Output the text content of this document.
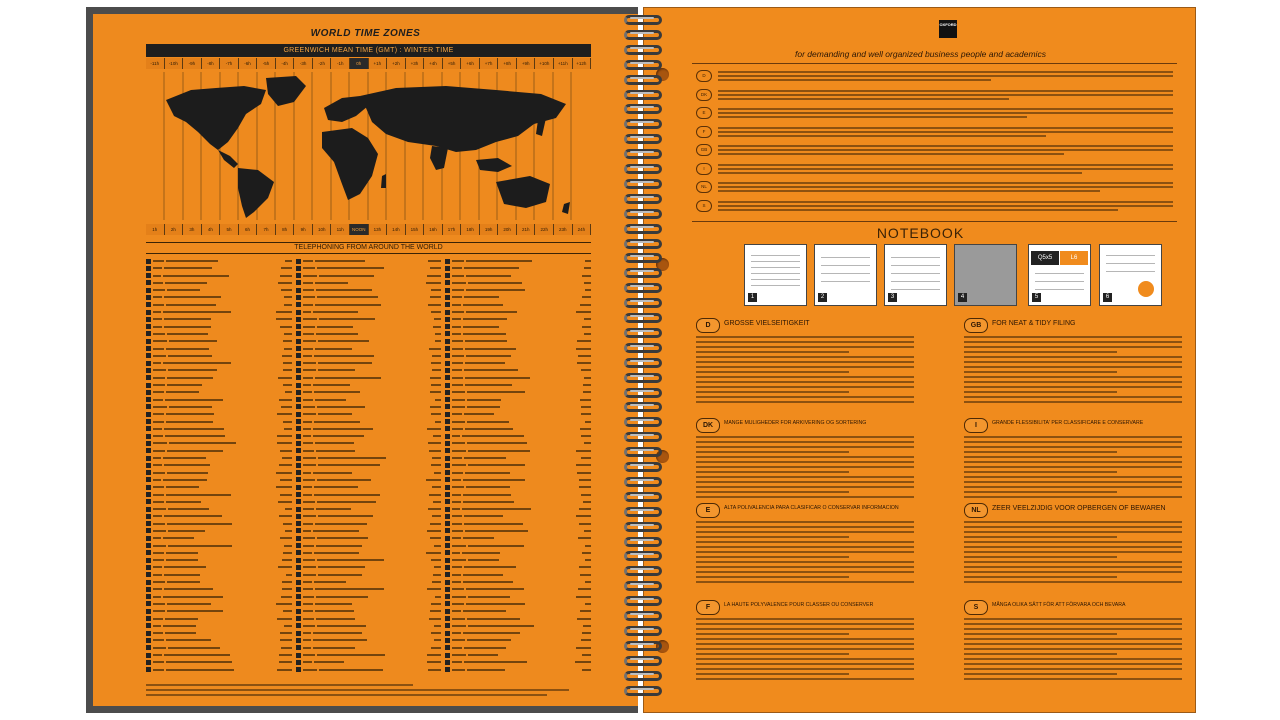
WORLD TIME ZONES
GREENWICH MEAN TIME (GMT) : WINTER TIME
-11h	-10h	-9h	-8h	-7h	-6h	-5h	-4h	-3h	-2h	-1h	0h	+1h	+2h	+3h	+4h	+5h	+6h	+7h	+8h	+9h	+10h	+11h	+12h
1h	2h	3h	4h	5h	6h	7h	8h	9h	10h	11h	NOON	13h	14h	15h	16h	17h	18h	19h	20h	21h	22h	23h	24h
TELEPHONING FROM AROUND THE WORLD
OXFORD
for demanding and well organized business people and academics
D
DK
E
F
GB
I
NL
S
NOTEBOOK
1	2	3	4
Q5x5	L6
5	6
D	GROSSE VIELSEITIGKEIT	GB	FOR NEAT & TIDY FILING
DK	MANGE MULIGHEDER FOR ARKIVERING OG SORTERING	I	GRANDE FLESSIBILITA' PER CLASSIFICARE E CONSERVARE
E	ALTA POLIVALENCIA PARA CLASIFICAR O CONSERVAR INFORMACION	NL	ZEER VEELZIJDIG VOOR OPBERGEN OF BEWAREN
F	LA HAUTE POLYVALENCE POUR CLASSER OU CONSERVER	S	MÅNGA OLIKA SÄTT FÖR ATT FÖRVARA OCH BEVARA
